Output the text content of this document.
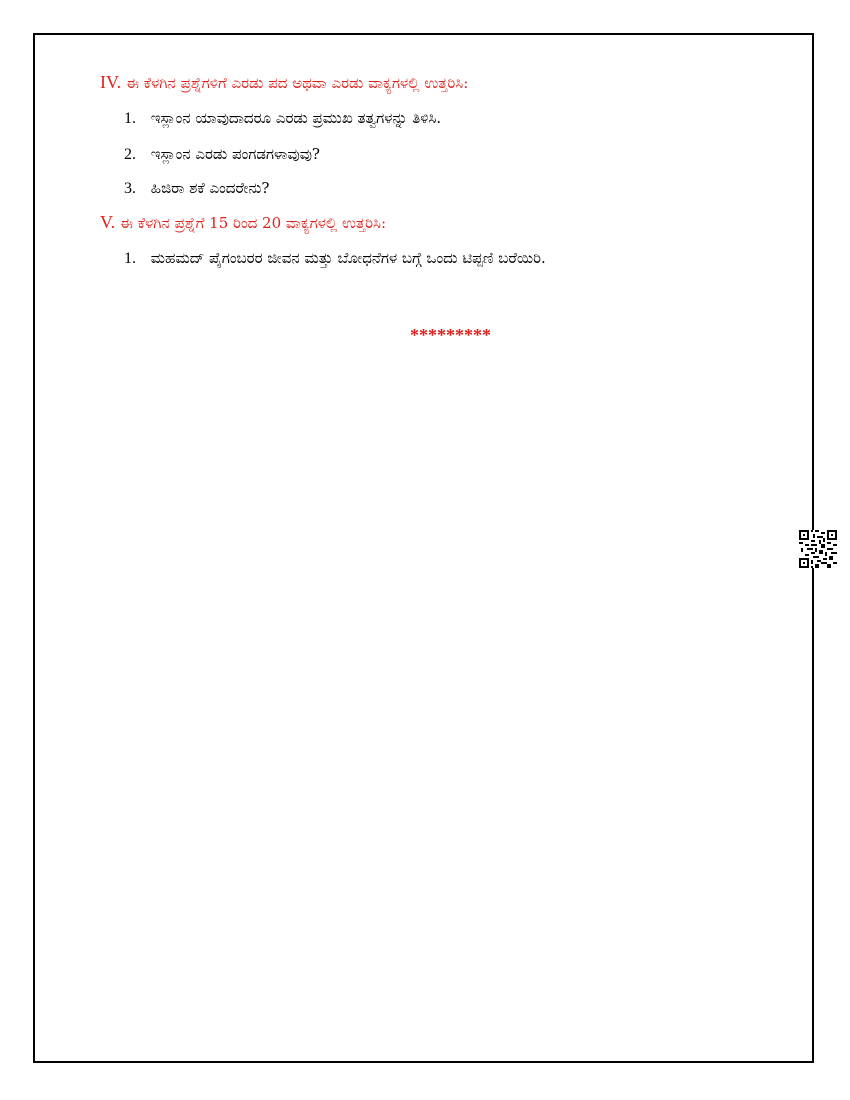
IV. ಈ ಕೆಳಗಿನ ಪ್ರಶ್ನೆಗಳಿಗೆ ಎರಡು ಪದ ಅಥವಾ ಎರಡು ವಾಕ್ಯಗಳಲ್ಲಿ ಉತ್ತರಿಸಿ:
1. ಇಸ್ಲಾಂನ ಯಾವುದಾದರೂ ಎರಡು ಪ್ರಮುಖ ತತ್ವಗಳನ್ನು ತಿಳಿಸಿ.
2. ಇಸ್ಲಾಂನ ಎರಡು ಪಂಗಡಗಳಾವುವು?
3. ಹಿಜಿರಾ ಶಕೆ ಎಂದರೇನು?
V. ಈ ಕೆಳಗಿನ ಪ್ರಶ್ನೆಗೆ 15 ರಿಂದ 20 ವಾಕ್ಯಗಳಲ್ಲಿ ಉತ್ತರಿಸಿ:
1. ಮಹಮದ್ ಪೈಗಂಬರರ ಜೀವನ ಮತ್ತು ಬೋಧನೆಗಳ ಬಗ್ಗೆ ಒಂದು ಟಿಪ್ಪಣಿ ಬರೆಯಿರಿ.
*********
